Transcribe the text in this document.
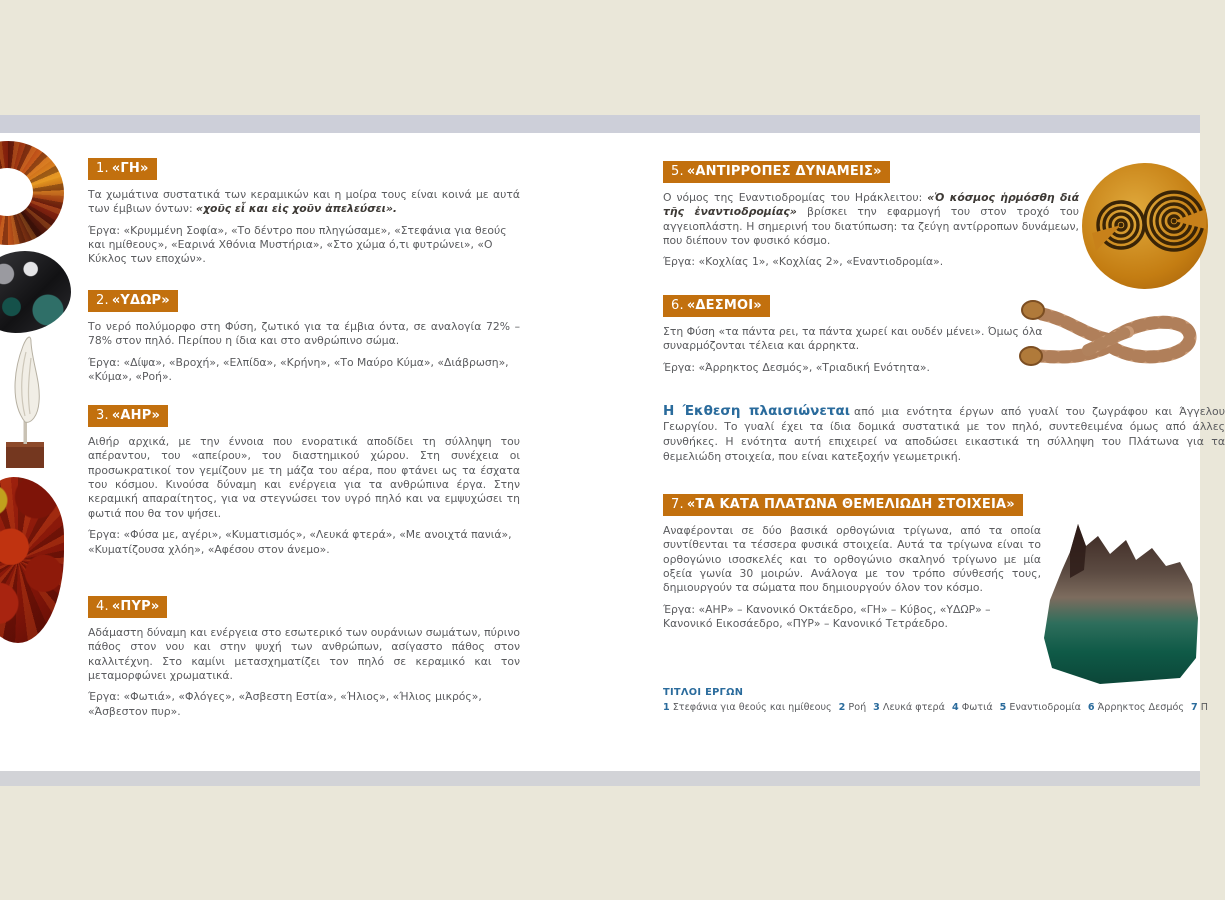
1. «ΓΗ»

Τα χωμάτινα συστατικά των κεραμικών και η μοίρα τους είναι κοινά με αυτά των έμβιων όντων: «χοῦς εἶ και εἰς χοῦν ἀπελεύσει».

Έργα: «Κρυμμένη Σοφία», «Το δέντρο που πληγώσαμε», «Στεφάνια για θεούς και ημίθεους», «Εαρινά Χθόνια Μυστήρια», «Στο χώμα ό,τι φυτρώνει», «Ο Κύκλος των εποχών».

2. «ΥΔΩΡ»

Το νερό πολύμορφο στη Φύση, ζωτικό για τα έμβια όντα, σε αναλογία 72% – 78% στον πηλό. Περίπου η ίδια και στο ανθρώπινο σώμα.

Έργα: «Δίψα», «Βροχή», «Ελπίδα», «Κρήνη», «Το Μαύρο Κύμα», «Διάβρωση», «Κύμα», «Ροή».

3. «ΑΗΡ»

Αιθήρ αρχικά, με την έννοια που ενορατικά αποδίδει τη σύλληψη του απέραντου, του «απείρου», του διαστημικού χώρου. Στη συνέχεια οι προσωκρατικοί τον γεμίζουν με τη μάζα του αέρα, που φτάνει ως τα έσχατα του κόσμου. Κινούσα δύναμη και ενέργεια για τα ανθρώπινα έργα. Στην κεραμική απαραίτητος, για να στεγνώσει τον υγρό πηλό και να εμψυχώσει τη φωτιά που θα τον ψήσει.

Έργα: «Φύσα με, αγέρι», «Κυματισμός», «Λευκά φτερά», «Με ανοιχτά πανιά», «Κυματίζουσα χλόη», «Αφέσου στον άνεμο».

4. «ΠΥΡ»

Αδάμαστη δύναμη και ενέργεια στο εσωτερικό των ουράνιων σωμάτων, πύρινο πάθος στον νου και στην ψυχή των ανθρώπων, ασίγαστο πάθος στον καλλιτέχνη. Στο καμίνι μετασχηματίζει τον πηλό σε κεραμικό και τον μεταμορφώνει χρωματικά.

Έργα: «Φωτιά», «Φλόγες», «Άσβεστη Εστία», «Ήλιος», «Ήλιος μικρός», «Άσβεστον πυρ».

5. «ΑΝΤΙΡΡΟΠΕΣ ΔΥΝΑΜΕΙΣ»

Ο νόμος της Εναντιοδρομίας του Ηράκλειτου: «Ὁ κόσμος ἡρμόσθη διά τῆς ἐναντιοδρομίας» βρίσκει την εφαρμογή του στον τροχό του αγγειοπλάστη. Η σημερινή του διατύπωση: τα ζεύγη αντίρροπων δυνάμεων, που διέπουν τον φυσικό κόσμο.

Έργα: «Κοχλίας 1», «Κοχλίας 2», «Εναντιοδρομία».

6. «ΔΕΣΜΟΙ»

Στη Φύση «τα πάντα ρει, τα πάντα χωρεί και ουδέν μένει». Όμως όλα συναρμόζονται τέλεια και άρρηκτα.

Έργα: «Άρρηκτος Δεσμός», «Τριαδική Ενότητα».

Η Έκθεση πλαισιώνεται από μια ενότητα έργων από γυαλί του ζωγράφου και Άγγελου Γεωργίου. Το γυαλί έχει τα ίδια δομικά συστατικά με τον πηλό, συντεθειμένα όμως από άλλες συνθήκες. Η ενότητα αυτή επιχειρεί να αποδώσει εικαστικά τη σύλληψη του Πλάτωνα για τα θεμελιώδη στοιχεία, που είναι κατεξοχήν γεωμετρική.

7. «ΤΑ ΚΑΤΑ ΠΛΑΤΩΝΑ ΘΕΜΕΛΙΩΔΗ ΣΤΟΙΧΕΙΑ»

Αναφέρονται σε δύο βασικά ορθογώνια τρίγωνα, από τα οποία συντίθενται τα τέσσερα φυσικά στοιχεία. Αυτά τα τρίγωνα είναι το ορθογώνιο ισοσκελές και το ορθογώνιο σκαληνό τρίγωνο με μία οξεία γωνία 30 μοιρών. Ανάλογα με τον τρόπο σύνθεσής τους, δημιουργούν τα σώματα που δημιουργούν όλον τον κόσμο.

Έργα: «ΑΗΡ» – Κανονικό Οκτάεδρο, «ΓΗ» – Κύβος, «ΥΔΩΡ» – Κανονικό Εικοσάεδρο, «ΠΥΡ» – Κανονικό Τετράεδρο.

ΤΙΤΛΟΙ ΕΡΓΩΝ
1 Στεφάνια για θεούς και ημίθεους 2 Ροή 3 Λευκά φτερά 4 Φωτιά 5 Εναντιοδρομία 6 Άρρηκτος Δεσμός 7 Π
